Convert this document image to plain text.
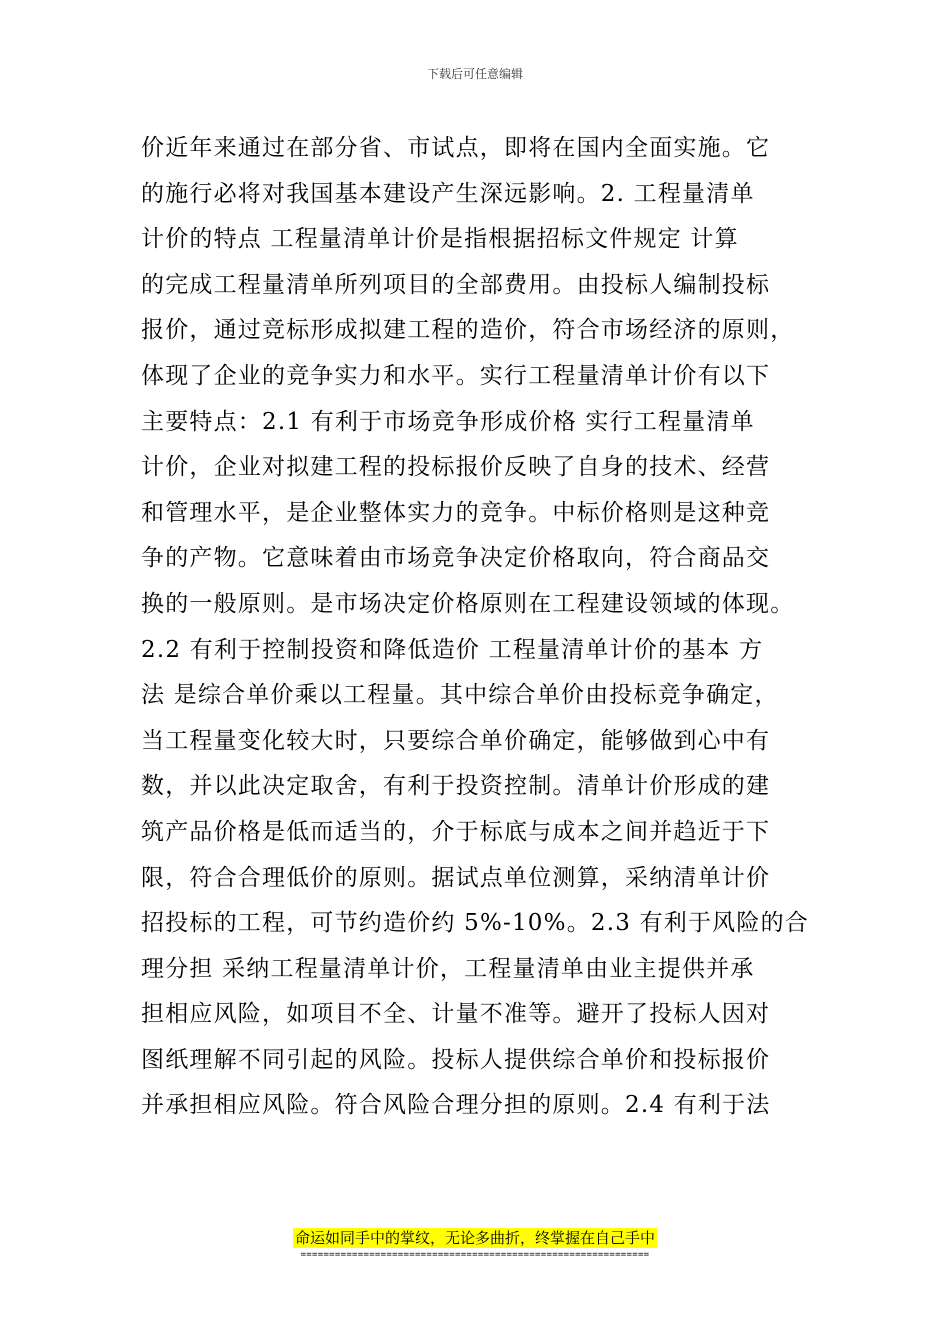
下载后可任意编辑
价近年来通过在部分省、市试点，即将在国内全面实施。它
的施行必将对我国基本建设产生深远影响。2. 工程量清单
计价的特点 工程量清单计价是指根据招标文件规定 计算
的完成工程量清单所列项目的全部费用。由投标人编制投标
报价，通过竞标形成拟建工程的造价，符合市场经济的原则，
体现了企业的竞争实力和水平。实行工程量清单计价有以下
主要特点：2.1 有利于市场竞争形成价格 实行工程量清单
计价，企业对拟建工程的投标报价反映了自身的技术、经营
和管理水平，是企业整体实力的竞争。中标价格则是这种竞
争的产物。它意味着由市场竞争决定价格取向，符合商品交
换的一般原则。是市场决定价格原则在工程建设领域的体现。
2.2 有利于控制投资和降低造价 工程量清单计价的基本 方
法 是综合单价乘以工程量。其中综合单价由投标竞争确定，
当工程量变化较大时，只要综合单价确定，能够做到心中有
数，并以此决定取舍，有利于投资控制。清单计价形成的建
筑产品价格是低而适当的，介于标底与成本之间并趋近于下
限，符合合理低价的原则。据试点单位测算，采纳清单计价
招投标的工程，可节约造价约 5%-10%。2.3 有利于风险的合
理分担 采纳工程量清单计价，工程量清单由业主提供并承
担相应风险，如项目不全、计量不准等。避开了投标人因对
图纸理解不同引起的风险。投标人提供综合单价和投标报价
并承担相应风险。符合风险合理分担的原则。2.4 有利于法
命运如同手中的掌纹，无论多曲折，终掌握在自己手中
=============================================================
